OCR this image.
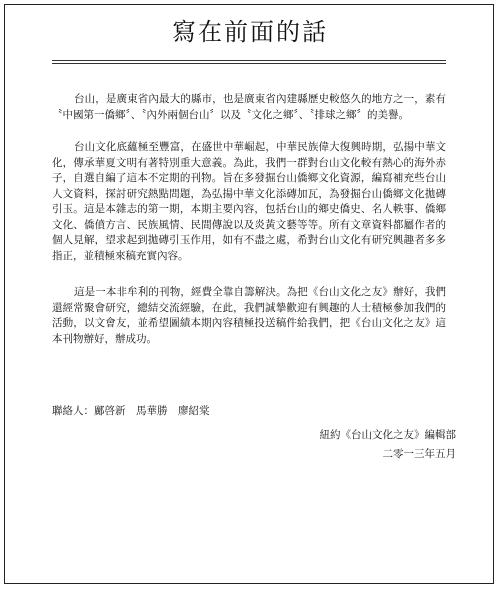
寫在前面的話

台山，是廣東省內最大的縣市，也是廣東省內建縣歷史較悠久的地方之一，素有〝中國第一僑鄉〞、〝內外兩個台山〞以及〝文化之鄉〞、〝排球之鄉〞的美譽。

台山文化底蘊極至豐富，在盛世中華崛起，中華民族偉大復興時期，弘揚中華文化，傳承華夏文明有著特別重大意義。為此，我們一群對台山文化較有熱心的海外赤子，自選自編了這本不定期的刊物。旨在多發掘台山僑鄉文化資源，編寫補充些台山人文資料，探討研究熱點問題，為弘揚中華文化添磚加瓦，為發掘台山僑鄉文化拋磚引玉。這是本雜志的第一期，本期主要內容，包括台山的鄉史僑史、名人軼事、僑鄉文化、僑僨方言、民族風情、民間傳說以及炎黃文藝等等。所有文章資料都屬作者的個人見解，望求起到拋磚引玉作用，如有不盡之處，希對台山文化有研究興趣者多多指正，並積極來稿充實內容。

這是一本非牟利的刊物，經費全靠自籌解決。為把《台山文化之友》辦好，我們還經常聚會研究，總結交流經驗，在此，我們誠摯歡迎有興趣的人士積極參加我們的活動，以文會友，並希望圖績本期內容積極投送稿件給我們，把《台山文化之友》這本刊物辦好，辦成功。

聯絡人：鄺啓新　馬華勝　廖紹棠
紐約《台山文化之友》編輯部
二零一三年五月
